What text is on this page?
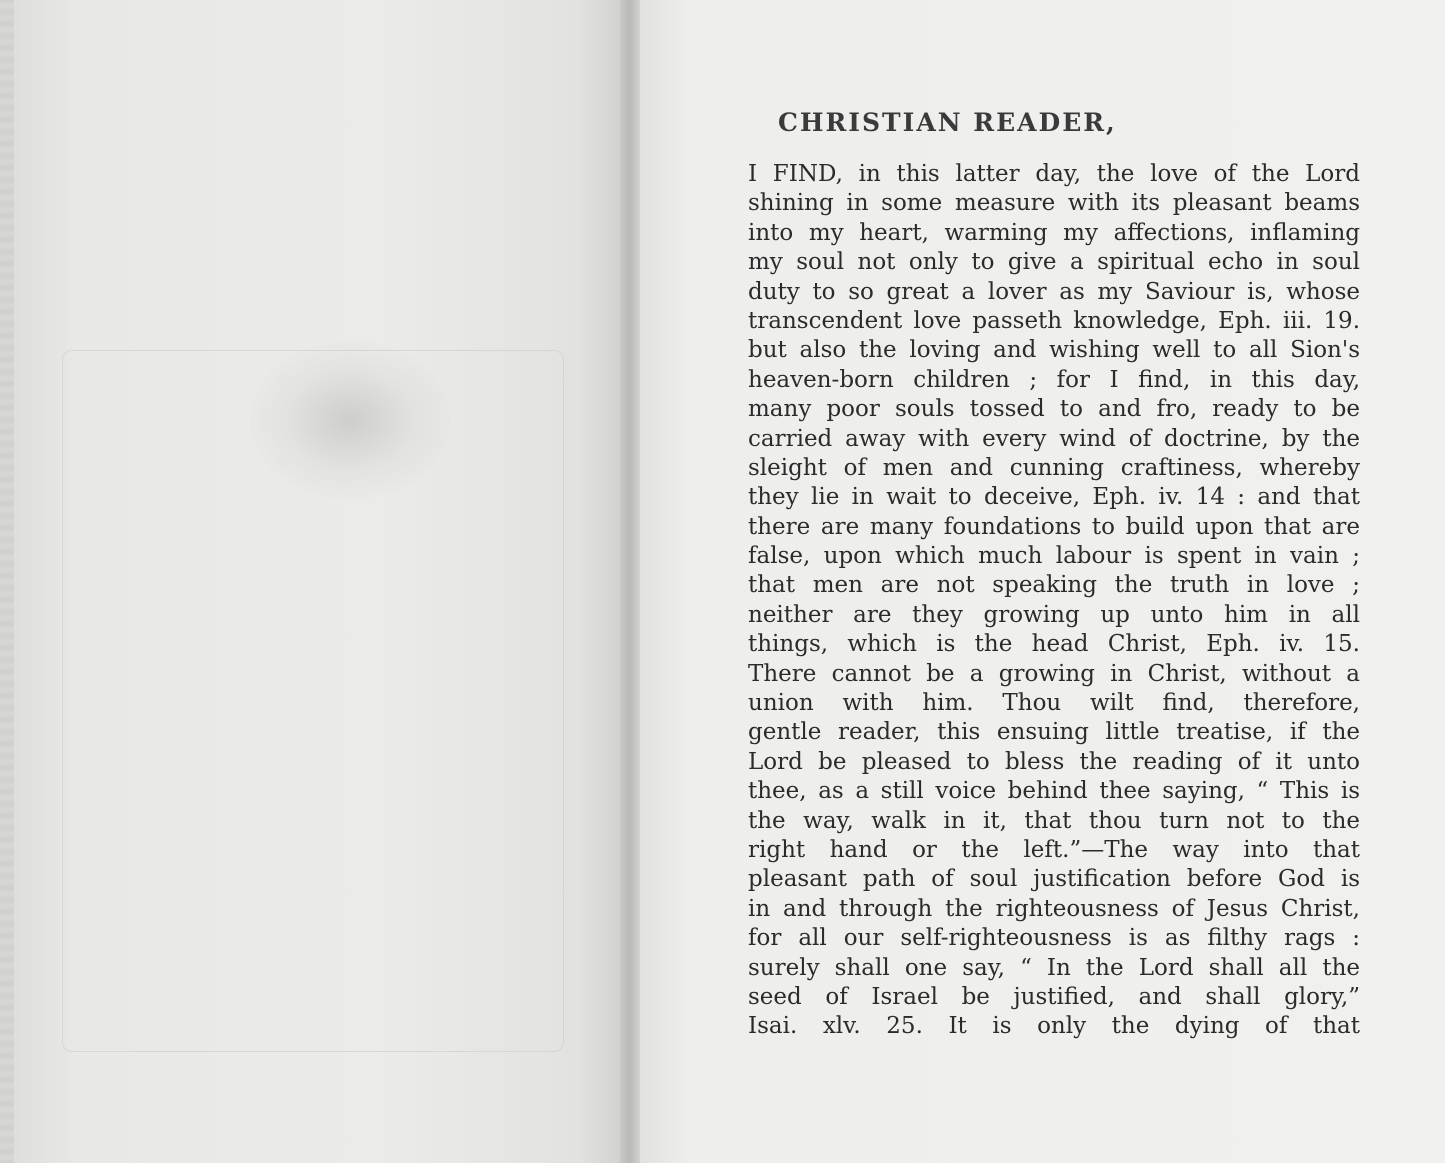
CHRISTIAN READER,
I FIND, in this latter day, the love of the Lord
shining in some measure with its pleasant beams
into my heart, warming my affections, inflaming
my soul not only to give a spiritual echo in soul
duty to so great a lover as my Saviour is, whose
transcendent love passeth knowledge, Eph. iii. 19.
but also the loving and wishing well to all Sion's
heaven-born children ; for I find, in this day,
many poor souls tossed to and fro, ready to be
carried away with every wind of doctrine, by the
sleight of men and cunning craftiness, whereby
they lie in wait to deceive, Eph. iv. 14 : and that
there are many foundations to build upon that are
false, upon which much labour is spent in vain ;
that men are not speaking the truth in love ;
neither are they growing up unto him in all
things, which is the head Christ, Eph. iv. 15.
There cannot be a growing in Christ, without a
union with him. Thou wilt find, therefore,
gentle reader, this ensuing little treatise, if the
Lord be pleased to bless the reading of it unto
thee, as a still voice behind thee saying, “ This is
the way, walk in it, that thou turn not to the
right hand or the left.”—The way into that
pleasant path of soul justification before God is
in and through the righteousness of Jesus Christ,
for all our self-righteousness is as filthy rags :
surely shall one say, “ In the Lord shall all the
seed of Israel be justified, and shall glory,”
Isai. xlv. 25. It is only the dying of that
